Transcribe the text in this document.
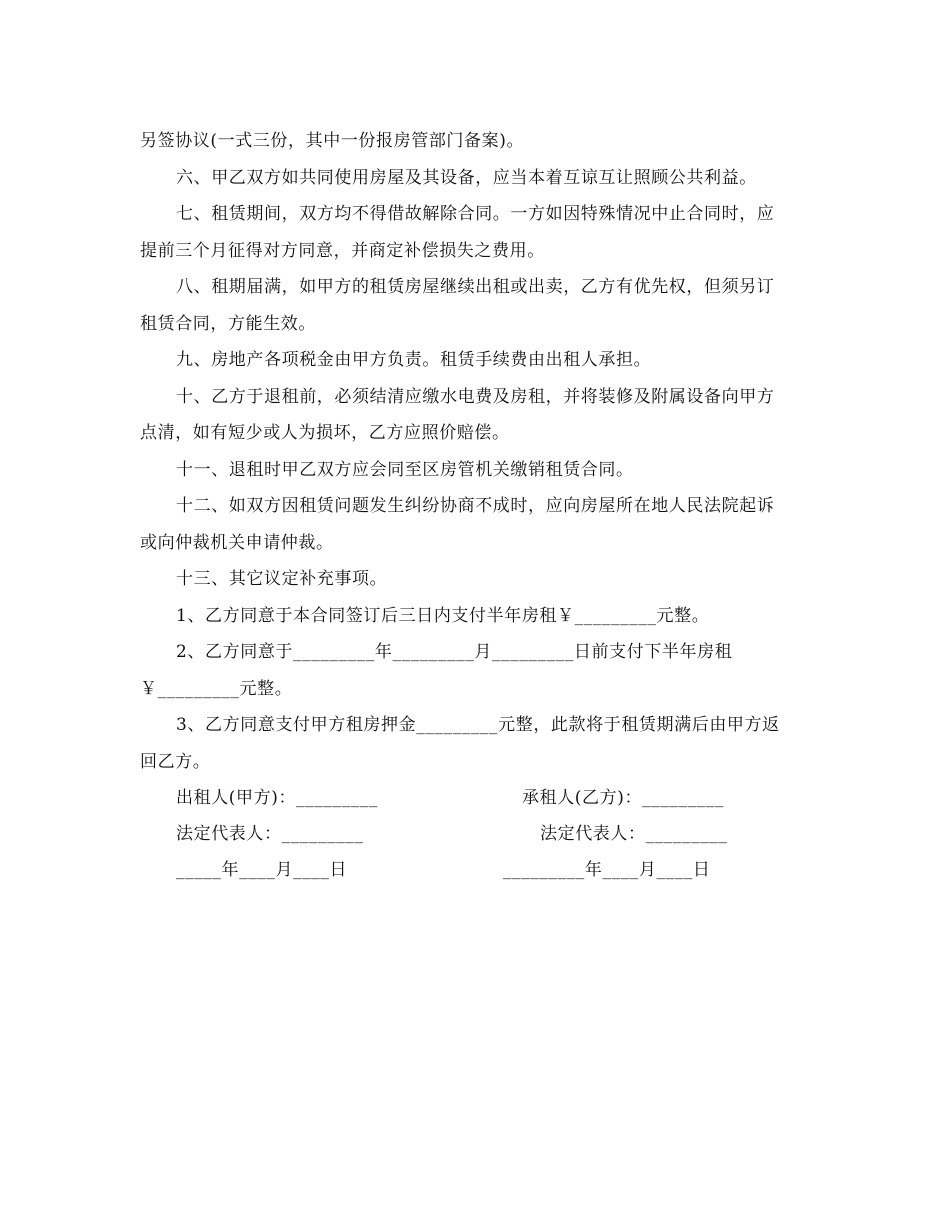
另签协议(一式三份，其中一份报房管部门备案)。
六、甲乙双方如共同使用房屋及其设备，应当本着互谅互让照顾公共利益。
七、租赁期间，双方均不得借故解除合同。一方如因特殊情况中止合同时，应
提前三个月征得对方同意，并商定补偿损失之费用。
八、租期届满，如甲方的租赁房屋继续出租或出卖，乙方有优先权，但须另订
租赁合同，方能生效。
九、房地产各项税金由甲方负责。租赁手续费由出租人承担。
十、乙方于退租前，必须结清应缴水电费及房租，并将装修及附属设备向甲方
点清，如有短少或人为损坏，乙方应照价赔偿。
十一、退租时甲乙双方应会同至区房管机关缴销租赁合同。
十二、如双方因租赁问题发生纠纷协商不成时，应向房屋所在地人民法院起诉
或向仲裁机关申请仲裁。
十三、其它议定补充事项。
1、乙方同意于本合同签订后三日内支付半年房租￥_________元整。
2、乙方同意于_________年_________月_________日前支付下半年房租
￥_________元整。
3、乙方同意支付甲方租房押金_________元整，此款将于租赁期满后由甲方返
回乙方。
出租人(甲方)：_________	承租人(乙方)：_________
法定代表人：_________	法定代表人：_________
_____年____月____日	_________年____月____日
